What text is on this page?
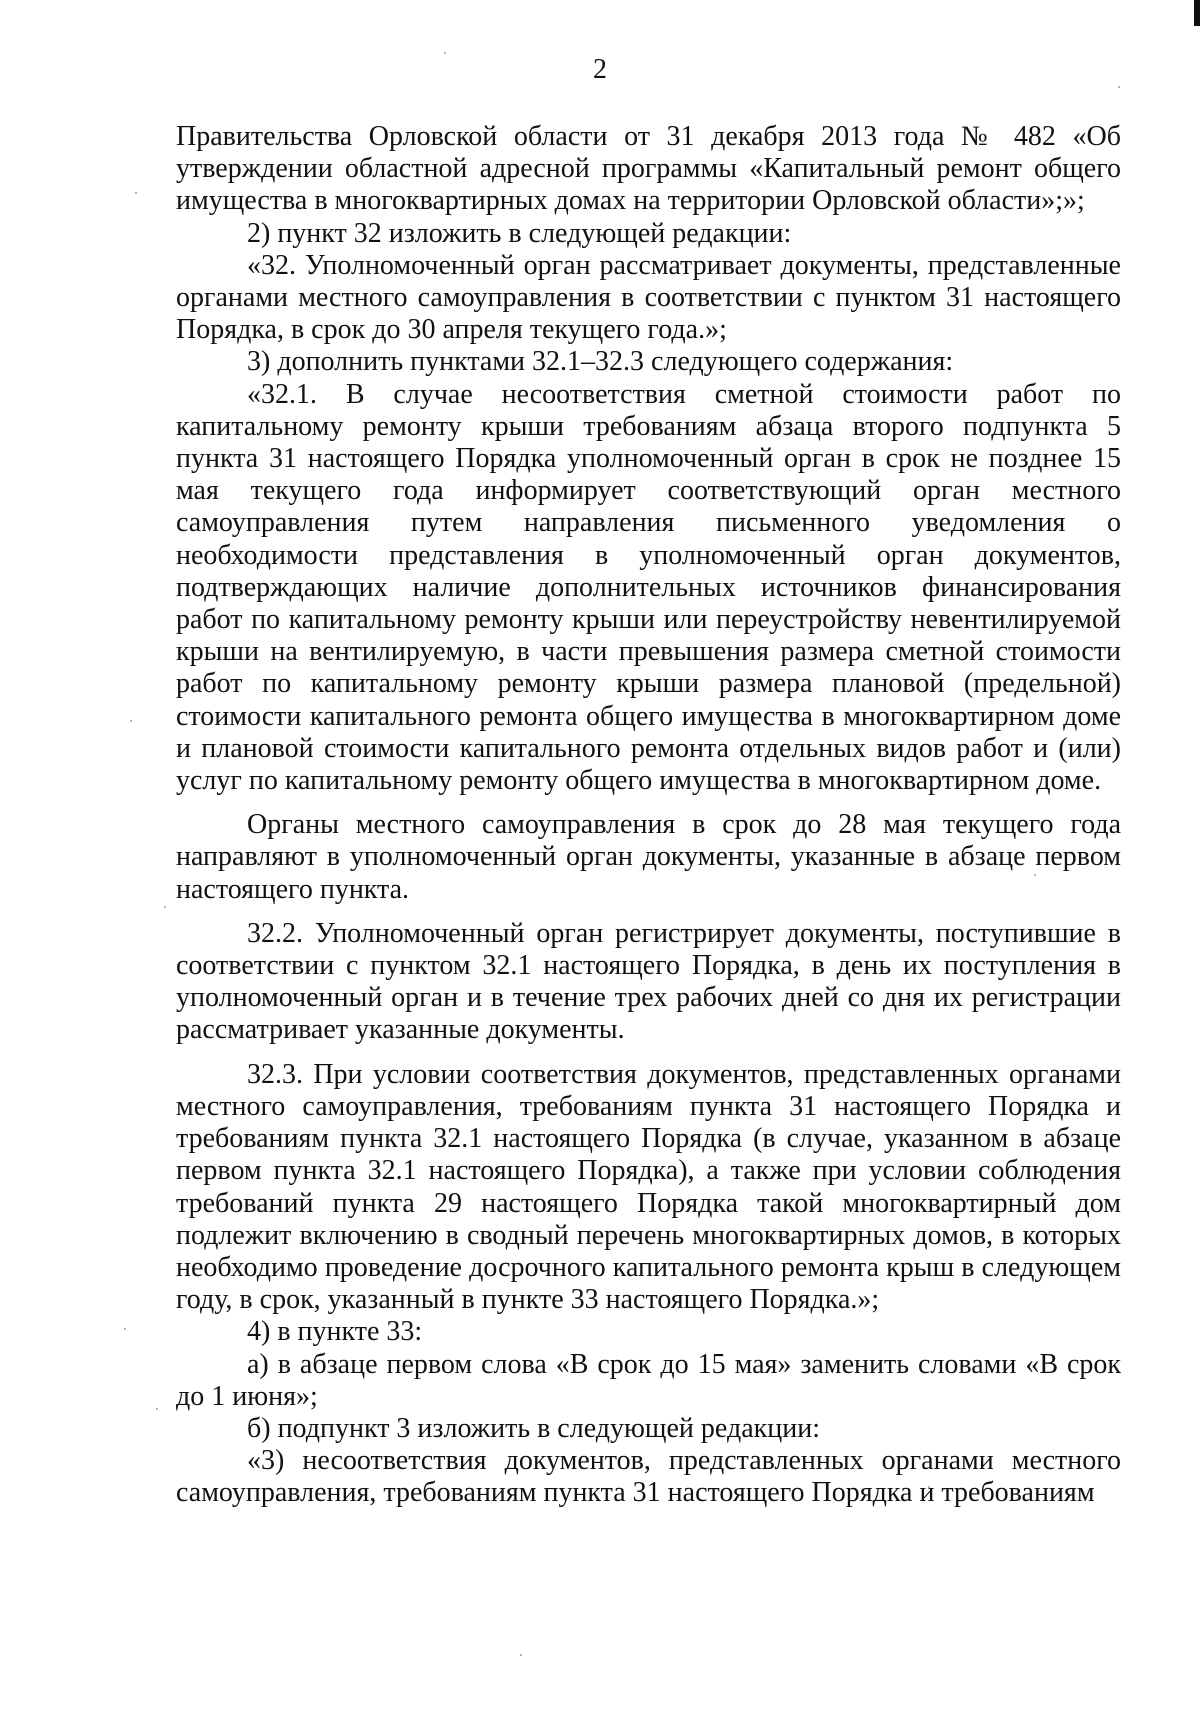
2

Правительства Орловской области от 31 декабря 2013 года № 482 «Об утверждении областной адресной программы «Капитальный ремонт общего имущества в многоквартирных домах на территории Орловской области»;»;

2) пункт 32 изложить в следующей редакции:

«32. Уполномоченный орган рассматривает документы, представленные органами местного самоуправления в соответствии с пунктом 31 настоящего Порядка, в срок до 30 апреля текущего года.»;

3) дополнить пунктами 32.1–32.3 следующего содержания:

«32.1. В случае несоответствия сметной стоимости работ по капитальному ремонту крыши требованиям абзаца второго подпункта 5 пункта 31 настоящего Порядка уполномоченный орган в срок не позднее 15 мая текущего года информирует соответствующий орган местного самоуправления путем направления письменного уведомления о необходимости представления в уполномоченный орган документов, подтверждающих наличие дополнительных источников финансирования работ по капитальному ремонту крыши или переустройству невентилируемой крыши на вентилируемую, в части превышения размера сметной стоимости работ по капитальному ремонту крыши размера плановой (предельной) стоимости капитального ремонта общего имущества в многоквартирном доме и плановой стоимости капитального ремонта отдельных видов работ и (или) услуг по капитальному ремонту общего имущества в многоквартирном доме.

Органы местного самоуправления в срок до 28 мая текущего года направляют в уполномоченный орган документы, указанные в абзаце первом настоящего пункта.

32.2. Уполномоченный орган регистрирует документы, поступившие в соответствии с пунктом 32.1 настоящего Порядка, в день их поступления в уполномоченный орган и в течение трех рабочих дней со дня их регистрации рассматривает указанные документы.

32.3. При условии соответствия документов, представленных органами местного самоуправления, требованиям пункта 31 настоящего Порядка и требованиям пункта 32.1 настоящего Порядка (в случае, указанном в абзаце первом пункта 32.1 настоящего Порядка), а также при условии соблюдения требований пункта 29 настоящего Порядка такой многоквартирный дом подлежит включению в сводный перечень многоквартирных домов, в которых необходимо проведение досрочного капитального ремонта крыш в следующем году, в срок, указанный в пункте 33 настоящего Порядка.»;

4) в пункте 33:

а) в абзаце первом слова «В срок до 15 мая» заменить словами «В срок до 1 июня»;

б) подпункт 3 изложить в следующей редакции:

«3) несоответствия документов, представленных органами местного самоуправления, требованиям пункта 31 настоящего Порядка и требованиям
